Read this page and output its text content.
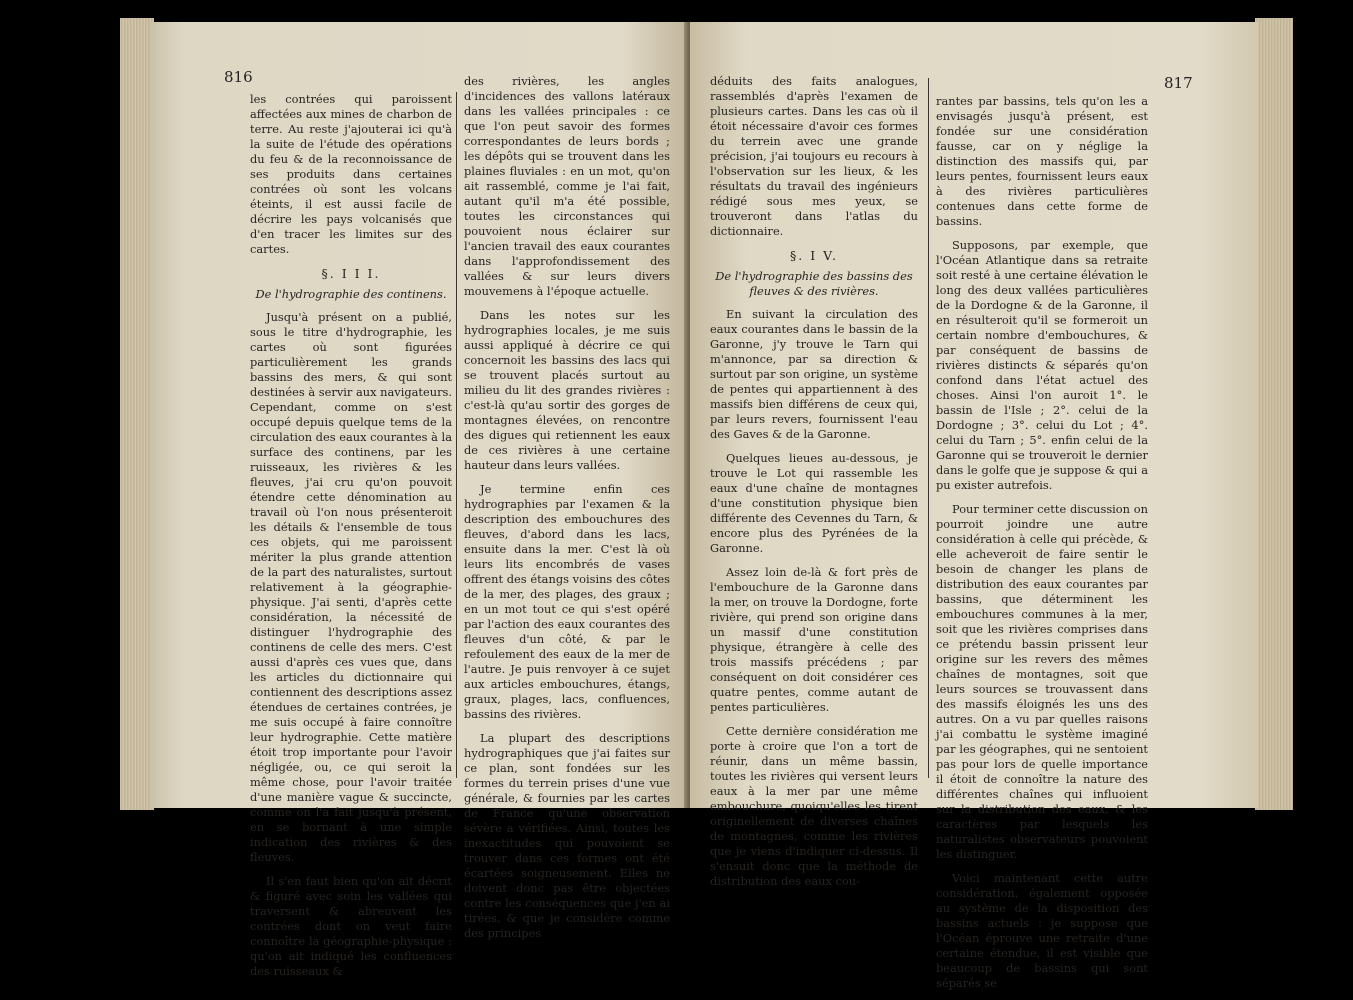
816

les contrées qui paroissent affectées aux mines de charbon de terre. Au reste j'ajouterai ici qu'à la suite de l'étude des opérations du feu & de la reconnoissance de ses produits dans certaines contrées où sont les volcans éteints, il est aussi facile de décrire les pays volcanisés que d'en tracer les limites sur des cartes.

§. I I I.
De l'hydrographie des continens.

Jusqu'à présent on a publié, sous le titre d'hydrographie, les cartes où sont figurées particulièrement les grands bassins des mers, & qui sont destinées à servir aux navigateurs. Cependant, comme on s'est occupé depuis quelque tems de la circulation des eaux courantes à la surface des continens, par les ruisseaux, les rivières & les fleuves, j'ai cru qu'on pouvoit étendre cette dénomination au travail où l'on nous présenteroit les détails & l'ensemble de tous ces objets, qui me paroissent mériter la plus grande attention de la part des naturalistes, surtout relativement à la géographie-physique. J'ai senti, d'après cette considération, la nécessité de distinguer l'hydrographie des continens de celle des mers. C'est aussi d'après ces vues que, dans les articles du dictionnaire qui contiennent des descriptions assez étendues de certaines contrées, je me suis occupé à faire connoître leur hydrographie. Cette matière étoit trop importante pour l'avoir négligée, ou, ce qui seroit la même chose, pour l'avoir traitée d'une manière vague & succincte, comme on l'a fait jusqu'à présent, en se bornant à une simple indication des rivières & des fleuves.

Il s'en faut bien qu'on ait décrit & figuré avec soin les vallées qui traversent & abreuvent les contrées dont on veut faire connoître la géographie-physique : qu'on ait indiqué les confluences des ruisseaux &

des rivières, les angles d'incidences des vallons latéraux dans les vallées principales : ce que l'on peut savoir des formes correspondantes de leurs bords ; les dépôts qui se trouvent dans les plaines fluviales : en un mot, qu'on ait rassemblé, comme je l'ai fait, autant qu'il m'a été possible, toutes les circonstances qui pouvoient nous éclairer sur l'ancien travail des eaux courantes dans l'approfondissement des vallées & sur leurs divers mouvemens à l'époque actuelle.

Dans les notes sur les hydrographies locales, je me suis aussi appliqué à décrire ce qui concernoit les bassins des lacs qui se trouvent placés surtout au milieu du lit des grandes rivières : c'est-là qu'au sortir des gorges de montagnes élevées, on rencontre des digues qui retiennent les eaux de ces rivières à une certaine hauteur dans leurs vallées.

Je termine enfin ces hydrographies par l'examen & la description des embouchures des fleuves, d'abord dans les lacs, ensuite dans la mer. C'est là où leurs lits encombrés de vases offrent des étangs voisins des côtes de la mer, des plages, des graux ; en un mot tout ce qui s'est opéré par l'action des eaux courantes des fleuves d'un côté, & par le refoulement des eaux de la mer de l'autre. Je puis renvoyer à ce sujet aux articles embouchures, étangs, graux, plages, lacs, confluences, bassins des rivières.

La plupart des descriptions hydrographiques que j'ai faites sur ce plan, sont fondées sur les formes du terrein prises d'une vue générale, & fournies par les cartes de France qu'une observation sévère a vérifiées. Ainsi, toutes les inexactitudes qui pouvoient se trouver dans ces formes ont été écartées soigneusement. Elles ne doivent donc pas être objectées contre les conséquences que j'en ai tirées, & que je considère comme des principes

817

déduits des faits analogues, rassemblés d'après l'examen de plusieurs cartes. Dans les cas où il étoit nécessaire d'avoir ces formes du terrein avec une grande précision, j'ai toujours eu recours à l'observation sur les lieux, & les résultats du travail des ingénieurs rédigé sous mes yeux, se trouveront dans l'atlas du dictionnaire.

§. I V.
De l'hydrographie des bassins des fleuves & des rivières.

En suivant la circulation des eaux courantes dans le bassin de la Garonne, j'y trouve le Tarn qui m'annonce, par sa direction & surtout par son origine, un système de pentes qui appartiennent à des massifs bien différens de ceux qui, par leurs revers, fournissent l'eau des Gaves & de la Garonne.

Quelques lieues au-dessous, je trouve le Lot qui rassemble les eaux d'une chaîne de montagnes d'une constitution physique bien différente des Cevennes du Tarn, & encore plus des Pyrénées de la Garonne.

Assez loin de-là & fort près de l'embouchure de la Garonne dans la mer, on trouve la Dordogne, forte rivière, qui prend son origine dans un massif d'une constitution physique, étrangère à celle des trois massifs précédens ; par conséquent on doit considérer ces quatre pentes, comme autant de pentes particulières.

Cette dernière considération me porte à croire que l'on a tort de réunir, dans un même bassin, toutes les rivières qui versent leurs eaux à la mer par une même embouchure, quoiqu'elles les tirent originellement de diverses chaînes de montagnes, comme les rivières que je viens d'indiquer ci-dessus. Il s'ensuit donc que la méthode de distribution des eaux cou-

rantes par bassins, tels qu'on les a envisagés jusqu'à présent, est fondée sur une considération fausse, car on y néglige la distinction des massifs qui, par leurs pentes, fournissent leurs eaux à des rivières particulières contenues dans cette forme de bassins.

Supposons, par exemple, que l'Océan Atlantique dans sa retraite soit resté à une certaine élévation le long des deux vallées particulières de la Dordogne & de la Garonne, il en résulteroit qu'il se formeroit un certain nombre d'embouchures, & par conséquent de bassins de rivières distincts & séparés qu'on confond dans l'état actuel des choses. Ainsi l'on auroit 1°. le bassin de l'Isle ; 2°. celui de la Dordogne ; 3°. celui du Lot ; 4°. celui du Tarn ; 5°. enfin celui de la Garonne qui se trouveroit le dernier dans le golfe que je suppose & qui a pu exister autrefois.

Pour terminer cette discussion on pourroit joindre une autre considération à celle qui précède, & elle acheveroit de faire sentir le besoin de changer les plans de distribution des eaux courantes par bassins, que déterminent les embouchures communes à la mer, soit que les rivières comprises dans ce prétendu bassin prissent leur origine sur les revers des mêmes chaînes de montagnes, soit que leurs sources se trouvassent dans des massifs éloignés les uns des autres. On a vu par quelles raisons j'ai combattu le système imaginé par les géographes, qui ne sentoient pas pour lors de quelle importance il étoit de connoître la nature des différentes chaînes qui influoient sur la distribution des eaux, & les caractères par lesquels les naturalistes observateurs pouvoient les distinguer.

Voici maintenant cette autre considération, également opposée au système de la disposition des bassins actuels : je suppose que l'Océan éprouve une retraite d'une certaine étendue, il est visible que beaucoup de bassins qui sont séparés se
